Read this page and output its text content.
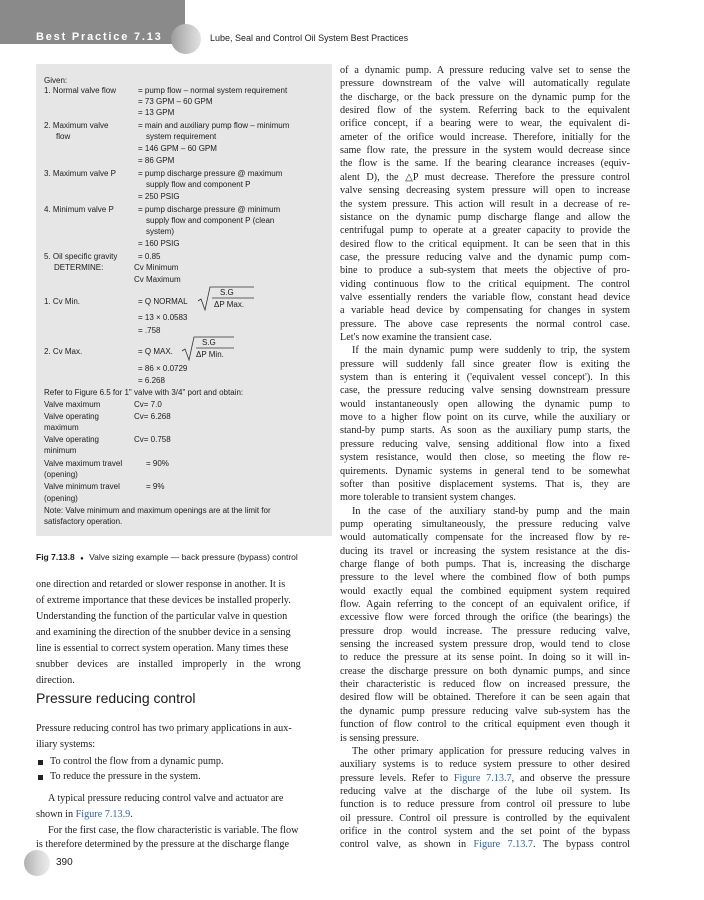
Best Practice 7.13	Lube, Seal and Control Oil System Best Practices
Given:
1. Normal valve flow	= pump flow – normal system requirement
= 73 GPM – 60 GPM
= 13 GPM
2. Maximum valve	= main and auxiliary pump flow – minimum
flow	system requirement
= 146 GPM – 60 GPM
= 86 GPM
3. Maximum valve P	= pump discharge pressure @ maximum
supply flow and component P
= 250 PSIG
4. Minimum valve P	= pump discharge pressure @ minimum
supply flow and component P (clean
system)
= 160 PSIG
5. Oil specific gravity	= 0.85
DETERMINE:	Cv Minimum
Cv Maximum
1. Cv Min.	= Q NORMAL
S.G
ΔP Max.
= 13 × 0.0583
= .758
2. Cv Max.	= Q MAX.
S.G
ΔP Min.
= 86 × 0.0729
= 6.268
Refer to Figure 6.5 for 1" valve with 3/4" port and obtain:
Valve maximum	Cv= 7.0
Valve operating	Cv= 6.268
maximum
Valve operating	Cv= 0.758
minimum
Valve maximum travel	= 90%
(opening)
Valve minimum travel	= 9%
(opening)
Note: Valve minimum and maximum openings are at the limit for
satisfactory operation.
Fig 7.13.8 ● Valve sizing example — back pressure (bypass) control
one direction and retarded or slower response in another. It is
of extreme importance that these devices be installed properly.
Understanding the function of the particular valve in question
and examining the direction of the snubber device in a sensing
line is essential to correct system operation. Many times these
snubber devices are installed improperly in the wrong
direction.
Pressure reducing control
Pressure reducing control has two primary applications in aux-
iliary systems:
To control the flow from a dynamic pump.
To reduce the pressure in the system.
A typical pressure reducing control valve and actuator are
shown in Figure 7.13.9.
For the first case, the flow characteristic is variable. The flow
is therefore determined by the pressure at the discharge flange
of a dynamic pump. A pressure reducing valve set to sense the
pressure downstream of the valve will automatically regulate
the discharge, or the back pressure on the dynamic pump for the
desired flow of the system. Referring back to the equivalent
orifice concept, if a bearing were to wear, the equivalent di-
ameter of the orifice would increase. Therefore, initially for the
same flow rate, the pressure in the system would decrease since
the flow is the same. If the bearing clearance increases (equiv-
alent D), the △P must decrease. Therefore the pressure control
valve sensing decreasing system pressure will open to increase
the system pressure. This action will result in a decrease of re-
sistance on the dynamic pump discharge flange and allow the
centrifugal pump to operate at a greater capacity to provide the
desired flow to the critical equipment. It can be seen that in this
case, the pressure reducing valve and the dynamic pump com-
bine to produce a sub-system that meets the objective of pro-
viding continuous flow to the critical equipment. The control
valve essentially renders the variable flow, constant head device
a variable head device by compensating for changes in system
pressure. The above case represents the normal control case.
Let's now examine the transient case.
If the main dynamic pump were suddenly to trip, the system
pressure will suddenly fall since greater flow is exiting the
system than is entering it ('equivalent vessel concept'). In this
case, the pressure reducing valve sensing downstream pressure
would instantaneously open allowing the dynamic pump to
move to a higher flow point on its curve, while the auxiliary or
stand-by pump starts. As soon as the auxiliary pump starts, the
pressure reducing valve, sensing additional flow into a fixed
system resistance, would then close, so meeting the flow re-
quirements. Dynamic systems in general tend to be somewhat
softer than positive displacement systems. That is, they are
more tolerable to transient system changes.
In the case of the auxiliary stand-by pump and the main
pump operating simultaneously, the pressure reducing valve
would automatically compensate for the increased flow by re-
ducing its travel or increasing the system resistance at the dis-
charge flange of both pumps. That is, increasing the discharge
pressure to the level where the combined flow of both pumps
would exactly equal the combined equipment system required
flow. Again referring to the concept of an equivalent orifice, if
excessive flow were forced through the orifice (the bearings) the
pressure drop would increase. The pressure reducing valve,
sensing the increased system pressure drop, would tend to close
to reduce the pressure at its sense point. In doing so it will in-
crease the discharge pressure on both dynamic pumps, and since
their characteristic is reduced flow on increased pressure, the
desired flow will be obtained. Therefore it can be seen again that
the dynamic pump pressure reducing valve sub-system has the
function of flow control to the critical equipment even though it
is sensing pressure.
The other primary application for pressure reducing valves in
auxiliary systems is to reduce system pressure to other desired
pressure levels. Refer to Figure 7.13.7, and observe the pressure
reducing valve at the discharge of the lube oil system. Its
function is to reduce pressure from control oil pressure to lube
oil pressure. Control oil pressure is controlled by the equivalent
orifice in the control system and the set point of the bypass
control valve, as shown in Figure 7.13.7. The bypass control
390
